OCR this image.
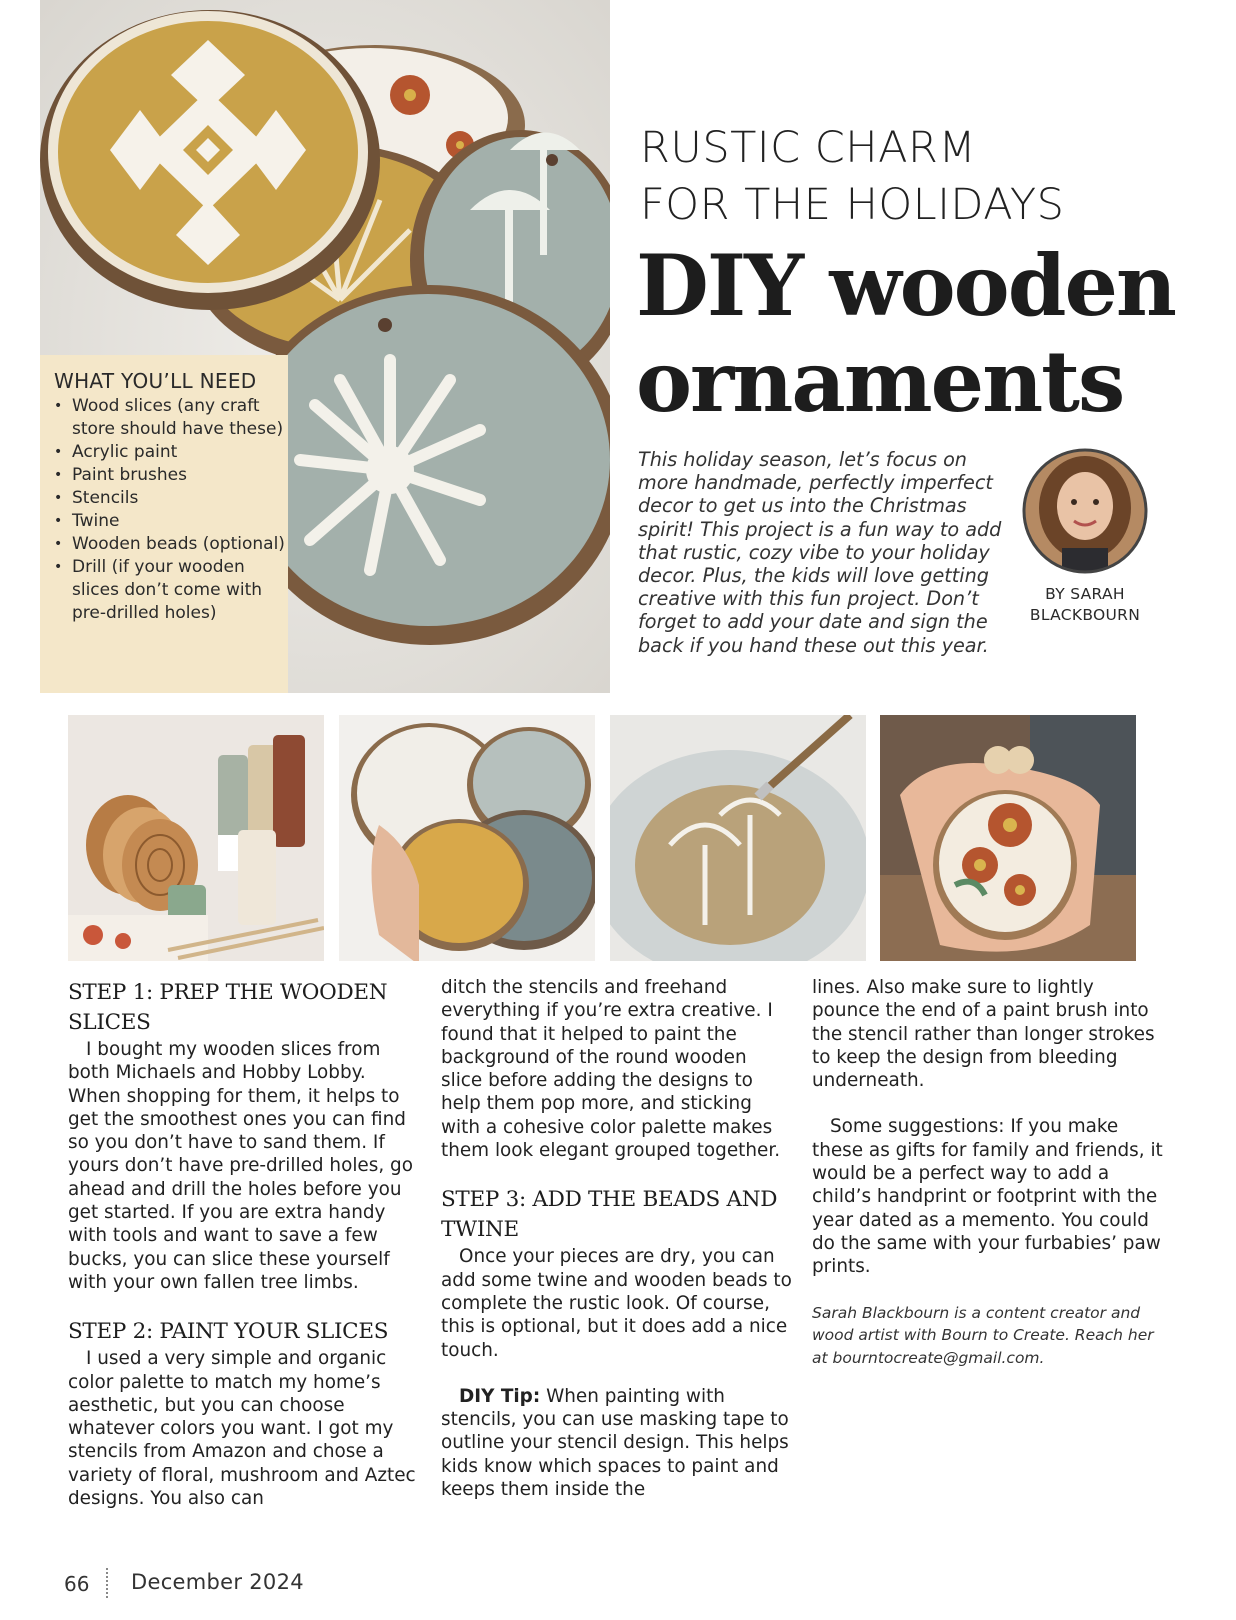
WHAT YOU’LL NEED
• Wood slices (any craft store should have these)
• Acrylic paint
• Paint brushes
• Stencils
• Twine
• Wooden beads (optional)
• Drill (if your wooden slices don’t come with pre-drilled holes)
RUSTIC CHARM
FOR THE HOLIDAYS
DIY wooden
ornaments

This holiday season, let’s focus on more handmade, perfectly imperfect decor to get us into the Christmas spirit! This project is a fun way to add that rustic, cozy vibe to your holiday decor. Plus, the kids will love getting creative with this fun project. Don’t forget to add your date and sign the back if you hand these out this year.

BY SARAH
BLACKBOURN
STEP 1: PREP THE WOODEN SLICES

I bought my wooden slices from both Michaels and Hobby Lobby. When shopping for them, it helps to get the smoothest ones you can find so you don’t have to sand them. If yours don’t have pre-drilled holes, go ahead and drill the holes before you get started. If you are extra handy with tools and want to save a few bucks, you can slice these yourself with your own fallen tree limbs.

STEP 2: PAINT YOUR SLICES

I used a very simple and organic color palette to match my home’s aesthetic, but you can choose whatever colors you want. I got my stencils from Amazon and chose a variety of floral, mushroom and Aztec designs. You also can

ditch the stencils and freehand everything if you’re extra creative. I found that it helped to paint the background of the round wooden slice before adding the designs to help them pop more, and sticking with a cohesive color palette makes them look elegant grouped together.

STEP 3: ADD THE BEADS AND TWINE

Once your pieces are dry, you can add some twine and wooden beads to complete the rustic look. Of course, this is optional, but it does add a nice touch.

DIY Tip: When painting with stencils, you can use masking tape to outline your stencil design. This helps kids know which spaces to paint and keeps them inside the

lines. Also make sure to lightly pounce the end of a paint brush into the stencil rather than longer strokes to keep the design from bleeding underneath.

Some suggestions: If you make these as gifts for family and friends, it would be a perfect way to add a child’s handprint or footprint with the year dated as a memento. You could do the same with your furbabies’ paw prints.

Sarah Blackbourn is a content creator and wood artist with Bourn to Create. Reach her at bourntocreate@gmail.com.

66 December 2024
